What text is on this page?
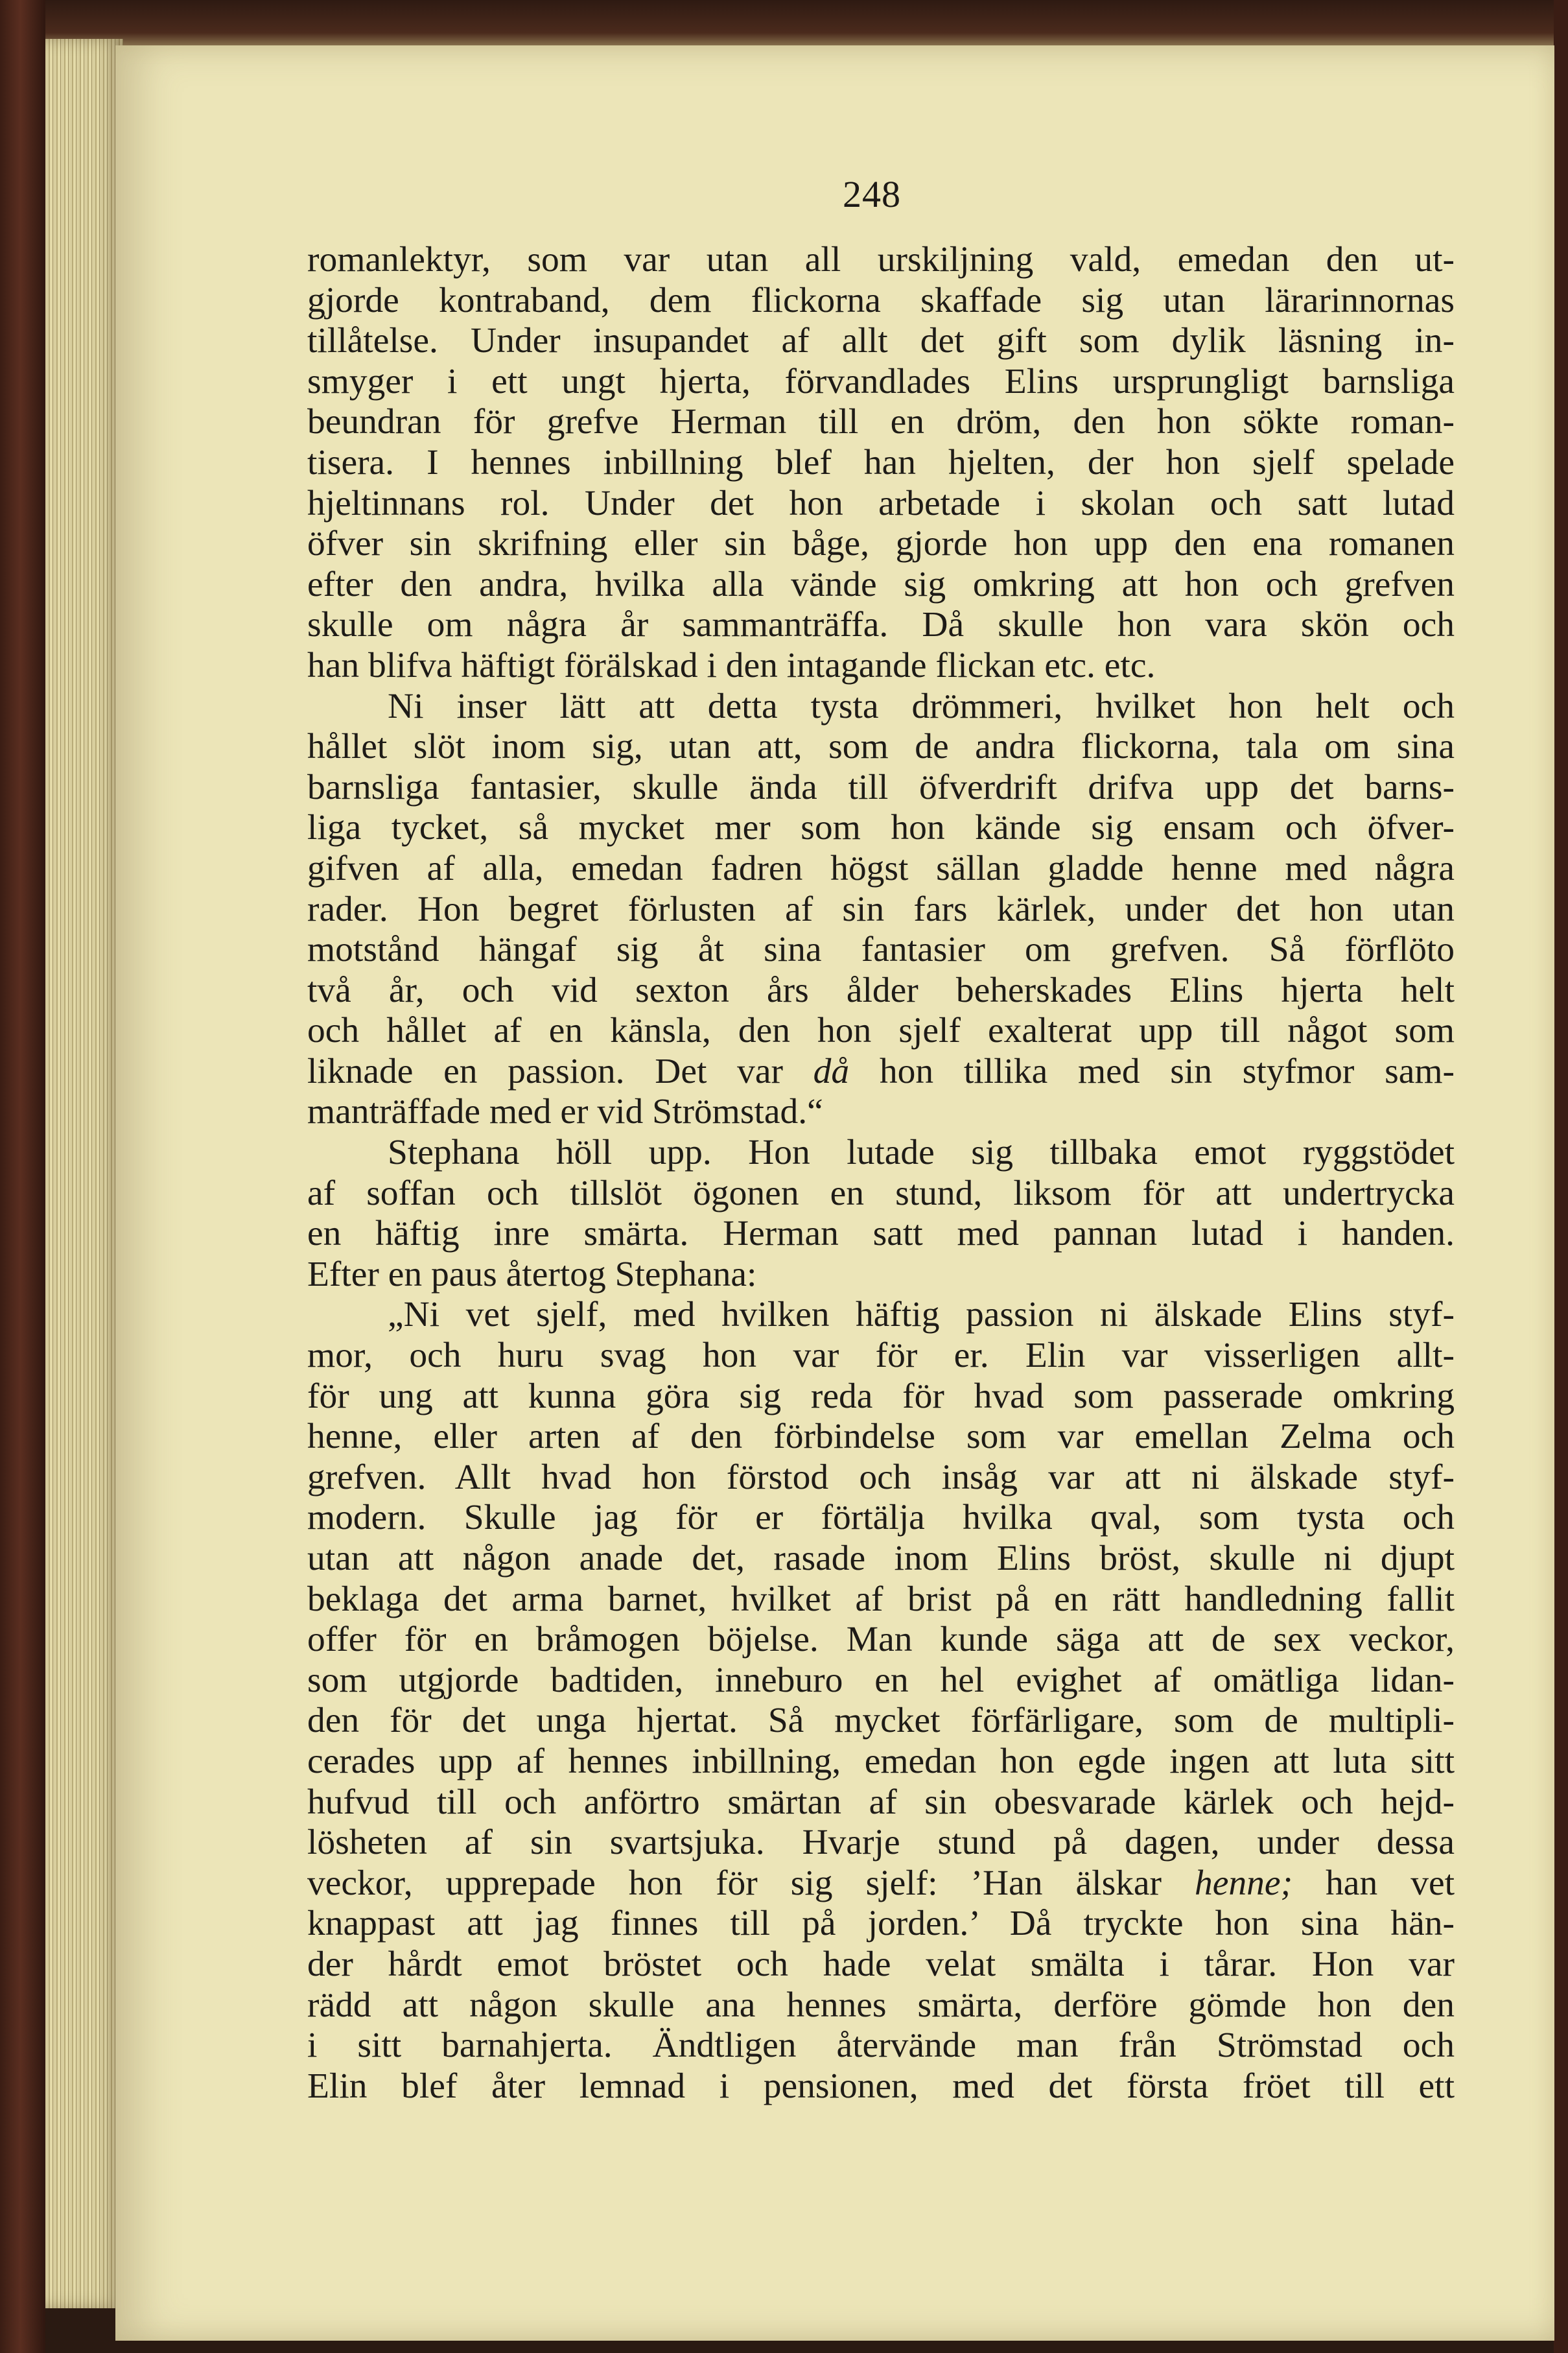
248
romanlektyr, som var utan all urskiljning vald, emedan den ut-
gjorde kontraband, dem flickorna skaffade sig utan lärarinnornas
tillåtelse. Under insupandet af allt det gift som dylik läsning in-
smyger i ett ungt hjerta, förvandlades Elins ursprungligt barnsliga
beundran för grefve Herman till en dröm, den hon sökte roman-
tisera. I hennes inbillning blef han hjelten, der hon sjelf spelade
hjeltinnans rol. Under det hon arbetade i skolan och satt lutad
öfver sin skrifning eller sin båge, gjorde hon upp den ena romanen
efter den andra, hvilka alla vände sig omkring att hon och grefven
skulle om några år sammanträffa. Då skulle hon vara skön och
han blifva häftigt förälskad i den intagande flickan etc. etc.
Ni inser lätt att detta tysta drömmeri, hvilket hon helt och
hållet slöt inom sig, utan att, som de andra flickorna, tala om sina
barnsliga fantasier, skulle ända till öfverdrift drifva upp det barns-
liga tycket, så mycket mer som hon kände sig ensam och öfver-
gifven af alla, emedan fadren högst sällan gladde henne med några
rader. Hon begret förlusten af sin fars kärlek, under det hon utan
motstånd hängaf sig åt sina fantasier om grefven. Så förflöto
två år, och vid sexton års ålder beherskades Elins hjerta helt
och hållet af en känsla, den hon sjelf exalterat upp till något som
liknade en passion. Det var då hon tillika med sin styfmor sam-
manträffade med er vid Strömstad.“
Stephana höll upp. Hon lutade sig tillbaka emot ryggstödet
af soffan och tillslöt ögonen en stund, liksom för att undertrycka
en häftig inre smärta. Herman satt med pannan lutad i handen.
Efter en paus återtog Stephana:
„Ni vet sjelf, med hvilken häftig passion ni älskade Elins styf-
mor, och huru svag hon var för er. Elin var visserligen allt-
för ung att kunna göra sig reda för hvad som passerade omkring
henne, eller arten af den förbindelse som var emellan Zelma och
grefven. Allt hvad hon förstod och insåg var att ni älskade styf-
modern. Skulle jag för er förtälja hvilka qval, som tysta och
utan att någon anade det, rasade inom Elins bröst, skulle ni djupt
beklaga det arma barnet, hvilket af brist på en rätt handledning fallit
offer för en bråmogen böjelse. Man kunde säga att de sex veckor,
som utgjorde badtiden, inneburo en hel evighet af omätliga lidan-
den för det unga hjertat. Så mycket förfärligare, som de multipli-
cerades upp af hennes inbillning, emedan hon egde ingen att luta sitt
hufvud till och anförtro smärtan af sin obesvarade kärlek och hejd-
lösheten af sin svartsjuka. Hvarje stund på dagen, under dessa
veckor, upprepade hon för sig sjelf: ’Han älskar henne; han vet
knappast att jag finnes till på jorden.’ Då tryckte hon sina hän-
der hårdt emot bröstet och hade velat smälta i tårar. Hon var
rädd att någon skulle ana hennes smärta, derföre gömde hon den
i sitt barnahjerta. Ändtligen återvände man från Strömstad och
Elin blef åter lemnad i pensionen, med det första fröet till ett
